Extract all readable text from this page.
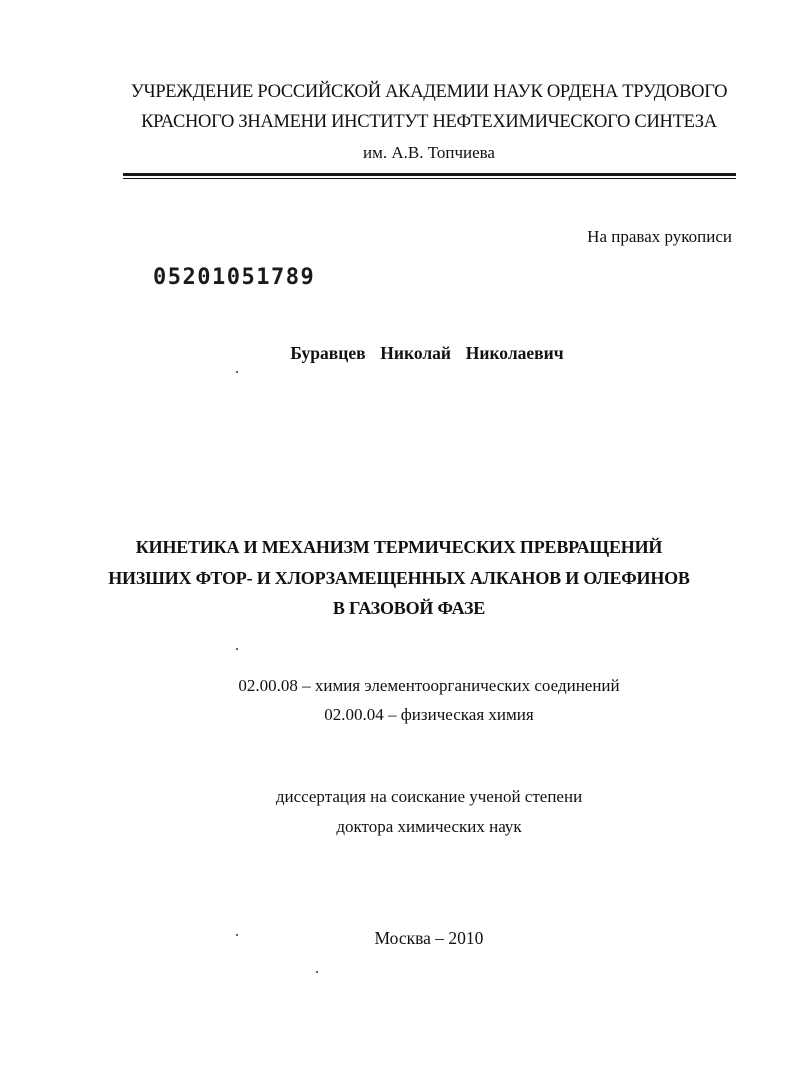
УЧРЕЖДЕНИЕ РОССИЙСКОЙ АКАДЕМИИ НАУК ОРДЕНА ТРУДОВОГО
КРАСНОГО ЗНАМЕНИ ИНСТИТУТ НЕФТЕХИМИЧЕСКОГО СИНТЕЗА
им. А.В. Топчиева
На правах рукописи
05201051789
Буравцев  Николай  Николаевич
КИНЕТИКА И МЕХАНИЗМ ТЕРМИЧЕСКИХ ПРЕВРАЩЕНИЙ
НИЗШИХ ФТОР- И ХЛОРЗАМЕЩЕННЫХ АЛКАНОВ И ОЛЕФИНОВ
В ГАЗОВОЙ ФАЗЕ
02.00.08 – химия элементоорганических соединений
02.00.04 – физическая химия
диссертация на соискание ученой степени
доктора химических наук
Москва – 2010
